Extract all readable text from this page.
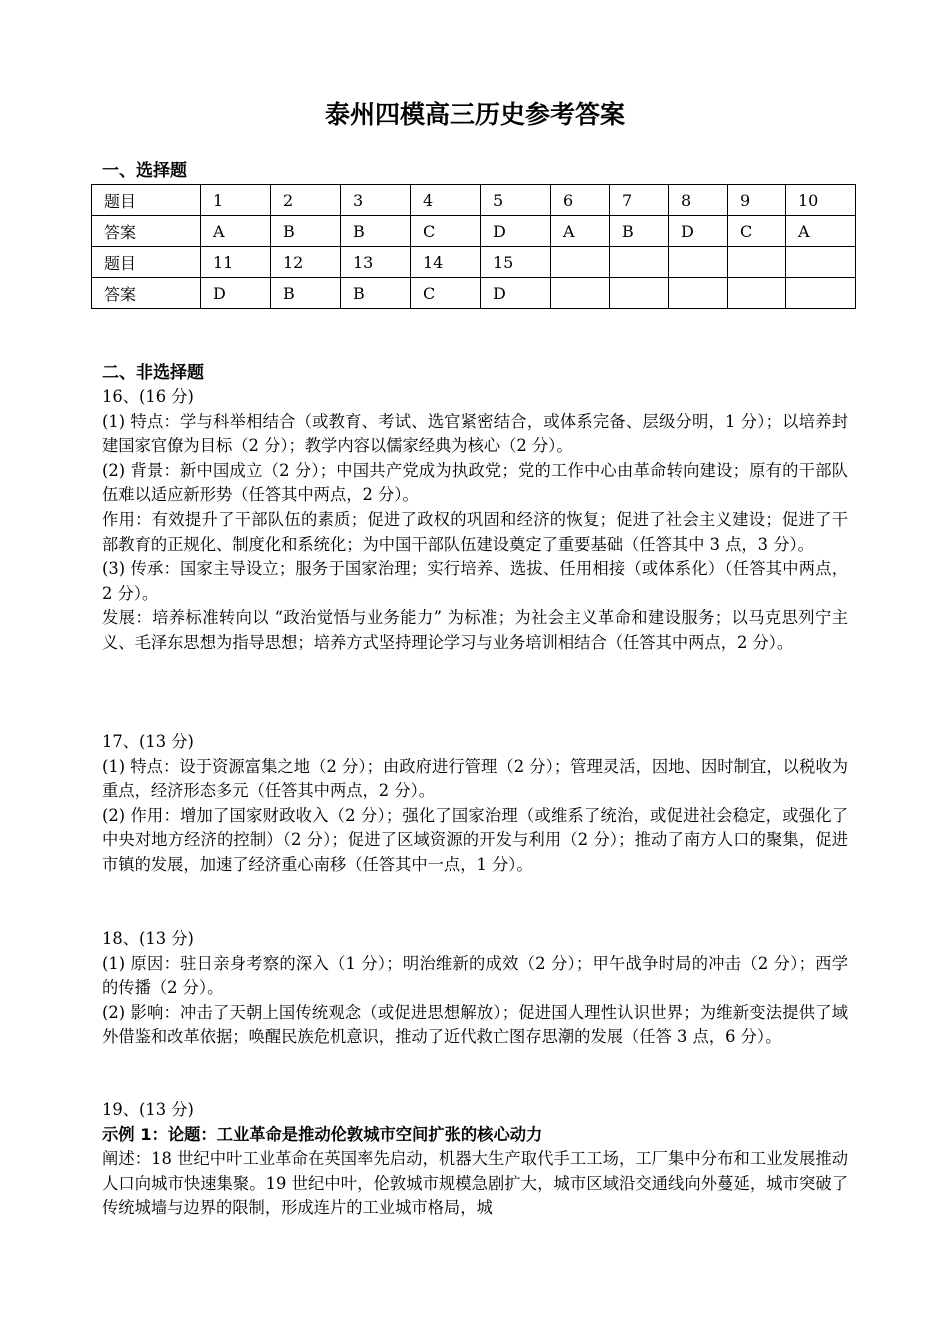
泰州四模高三历史参考答案
一、选择题
题目	1	2	3	4	5	6	7	8	9	10
答案	A	B	B	C	D	A	B	D	C	A
题目	11	12	13	14	15					
答案	D	B	B	C	D					
二、非选择题

16、(16 分)

(1) 特点：学与科举相结合（或教育、考试、选官紧密结合，或体系完备、层级分明，1 分）；以培养封建国家官僚为目标（2 分）；教学内容以儒家经典为核心（2 分）。

(2) 背景：新中国成立（2 分）；中国共产党成为执政党；党的工作中心由革命转向建设；原有的干部队伍难以适应新形势（任答其中两点，2 分）。

作用：有效提升了干部队伍的素质；促进了政权的巩固和经济的恢复；促进了社会主义建设；促进了干部教育的正规化、制度化和系统化；为中国干部队伍建设奠定了重要基础（任答其中 3 点，3 分）。

(3) 传承：国家主导设立；服务于国家治理；实行培养、选拔、任用相接（或体系化）（任答其中两点，2 分）。

发展：培养标准转向以 “政治觉悟与业务能力” 为标准；为社会主义革命和建设服务；以马克思列宁主义、毛泽东思想为指导思想；培养方式坚持理论学习与业务培训相结合（任答其中两点，2 分）。

17、(13 分)

(1) 特点：设于资源富集之地（2 分）；由政府进行管理（2 分）；管理灵活，因地、因时制宜，以税收为重点，经济形态多元（任答其中两点，2 分）。

(2) 作用：增加了国家财政收入（2 分）；强化了国家治理（或维系了统治，或促进社会稳定，或强化了中央对地方经济的控制）（2 分）；促进了区域资源的开发与利用（2 分）；推动了南方人口的聚集，促进市镇的发展，加速了经济重心南移（任答其中一点，1 分）。

18、(13 分)

(1) 原因：驻日亲身考察的深入（1 分）；明治维新的成效（2 分）；甲午战争时局的冲击（2 分）；西学的传播（2 分）。

(2) 影响：冲击了天朝上国传统观念（或促进思想解放）；促进国人理性认识世界；为维新变法提供了域外借鉴和改革依据；唤醒民族危机意识，推动了近代救亡图存思潮的发展（任答 3 点，6 分）。

19、(13 分)

示例 1：论题：工业革命是推动伦敦城市空间扩张的核心动力

阐述：18 世纪中叶工业革命在英国率先启动，机器大生产取代手工工场，工厂集中分布和工业发展推动人口向城市快速集聚。19 世纪中叶，伦敦城市规模急剧扩大，城市区域沿交通线向外蔓延，城市突破了传统城墙与边界的限制，形成连片的工业城市格局，城
